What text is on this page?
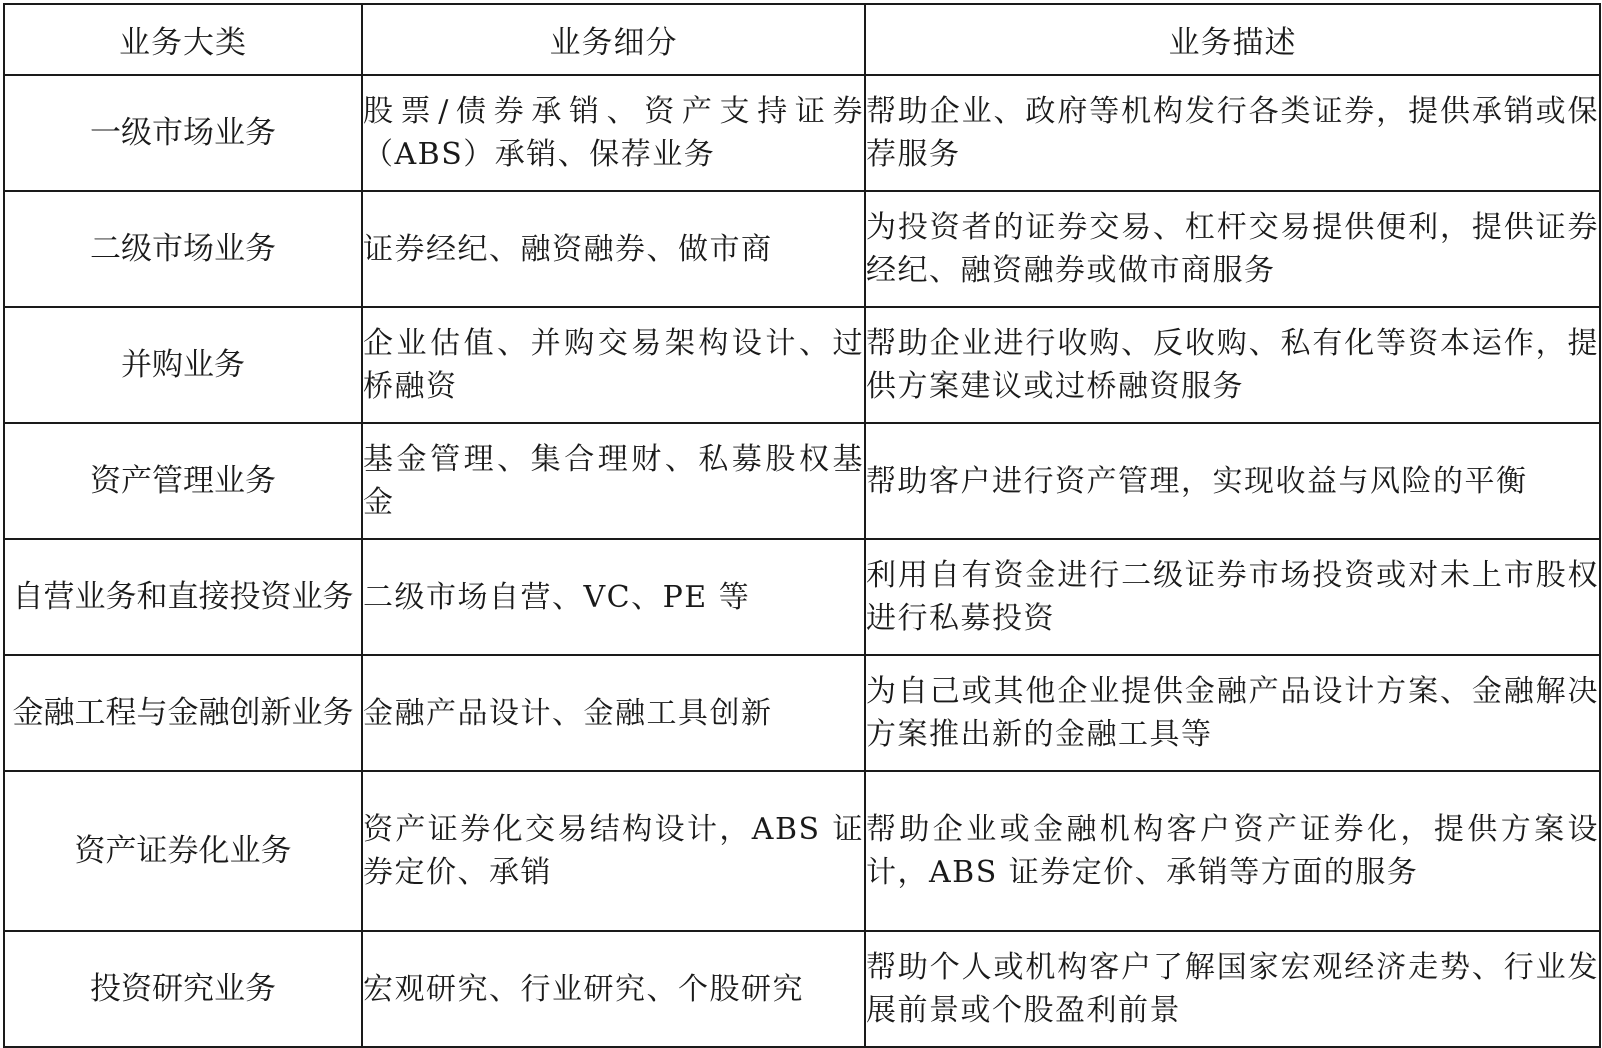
业务大类	业务细分	业务描述
一级市场业务	股票/债券承销、资产支持证券（ABS）承销、保荐业务	帮助企业、政府等机构发行各类证券，提供承销或保荐服务
二级市场业务	证券经纪、融资融券、做市商	为投资者的证券交易、杠杆交易提供便利，提供证券经纪、融资融券或做市商服务
并购业务	企业估值、并购交易架构设计、过桥融资	帮助企业进行收购、反收购、私有化等资本运作，提供方案建议或过桥融资服务
资产管理业务	基金管理、集合理财、私募股权基金	帮助客户进行资产管理，实现收益与风险的平衡
自营业务和直接投资业务	二级市场自营、VC、PE 等	利用自有资金进行二级证券市场投资或对未上市股权进行私募投资
金融工程与金融创新业务	金融产品设计、金融工具创新	为自己或其他企业提供金融产品设计方案、金融解决方案推出新的金融工具等
资产证券化业务	资产证券化交易结构设计，ABS 证券定价、承销	帮助企业或金融机构客户资产证券化，提供方案设计，ABS 证券定价、承销等方面的服务
投资研究业务	宏观研究、行业研究、个股研究	帮助个人或机构客户了解国家宏观经济走势、行业发展前景或个股盈利前景
